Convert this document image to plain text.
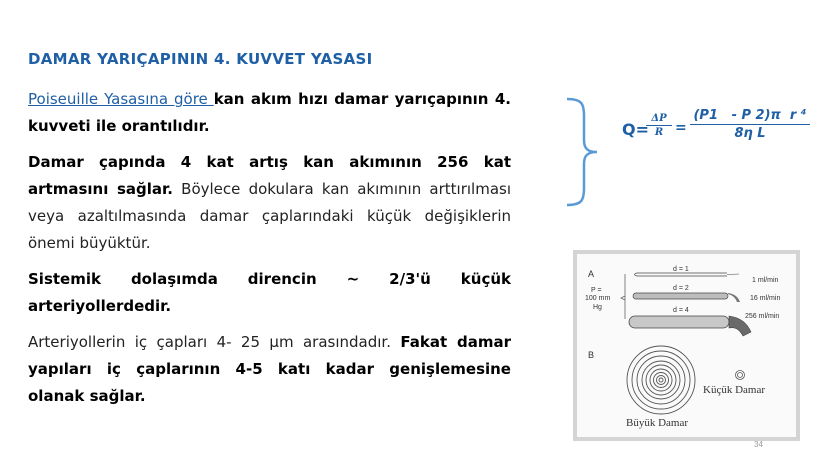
DAMAR YARIÇAPININ 4. KUVVET YASASI

Poiseuille Yasasına göre kan akım hızı damar yarıçapının 4. kuvveti ile orantılıdır.

Damar çapında 4 kat artış kan akımının 256 kat artmasını sağlar. Böylece dokulara kan akımının arttırılması veya azaltılmasında damar çaplarındaki küçük değişiklerin önemi büyüktür.

Sistemik dolaşımda direncin ~ 2/3'ü küçük
arteriyollerdedir.

Arteriyollerin iç çapları 4- 25 µm arasındadır. Fakat damar yapıları iç çaplarının 4-5 katı kadar genişlemesine olanak sağlar.

Q=
$\frac{\Delta P}{R} = \frac{\text{(P1   - P 2)π  r ⁴}}{\text{8η L}}$
A
P =
100 mm
Hg
d = 1
d = 2
d = 4
1 ml/min
16 ml/min
256 ml/min
B
Küçük Damar
Büyük Damar
34
